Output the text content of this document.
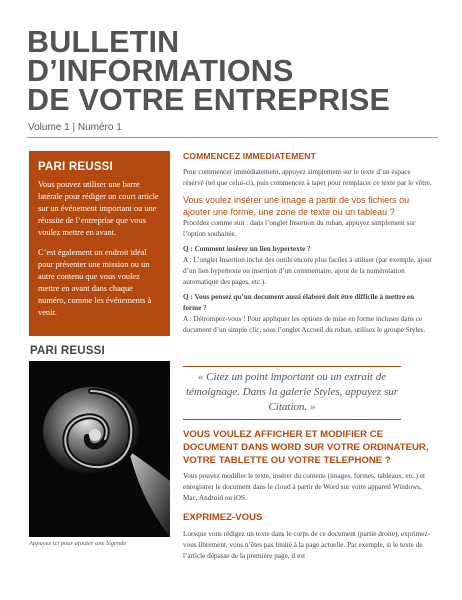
BULLETIN
D’INFORMATIONS
DE VOTRE ENTREPRISE
Volume 1 | Numéro 1
PARI REUSSI

Vous pouvez utiliser une barre latérale pour rédiger un court article sur un événement important ou une réussite de l’entreprise que vous voulez mettre en avant.

C’est également un endroit idéal pour présenter une mission ou un autre contenu que vous voulez mettre en avant dans chaque numéro, comme les événements à venir.

PARI REUSSI
Appuyez ici pour ajouter une légende
COMMENCEZ IMMEDIATEMENT

Pour commencer immédiatement, appuyez simplement sur le texte d’un espace réservé (tel que celui-ci), puis commencez à taper pour remplacer ce texte par le vôtre.

Vous voulez insérer une image à partir de vos fichiers ou ajouter une forme, une zone de texte ou un tableau ?

Procédez comme suit : dans l’onglet Insertion du ruban, appuyez simplement sur l’option souhaitée.

Q : Comment insérer un lien hypertexte ?

A : L’onglet Insertion inclut des outils encore plus faciles à utiliser (par exemple, ajout d’un lien hypertexte ou insertion d’un commentaire, ajout de la numérotation automatique des pages, etc.).

Q : Vous pensez qu’un document aussi élaboré doit être difficile à mettre en forme ?

A : Détrompez-vous ! Pour appliquer les options de mise en forme incluses dans ce document d’un simple clic, sous l’onglet Accueil du ruban, utilisez le groupe Styles.

« Citez un point important ou un extrait de témoignage. Dans la galerie Styles, appuyez sur Citation. »

VOUS VOULEZ AFFICHER ET MODIFIER CE DOCUMENT DANS WORD SUR VOTRE ORDINATEUR, VOTRE TABLETTE OU VOTRE TELEPHONE ?

Vous pouvez modifier le texte, insérer du contenu (images, formes, tableaux, etc.) et enregistrer le document dans le cloud à partir de Word sur votre appareil Windows, Mac, Android ou iOS.

EXPRIMEZ-VOUS

Lorsque vous rédigez un texte dans le corps de ce document (partie droite), exprimez-vous librement, vous n’êtes pas limité à la page actuelle. Par exemple, si le texte de l’article dépasse de la première page, il est
